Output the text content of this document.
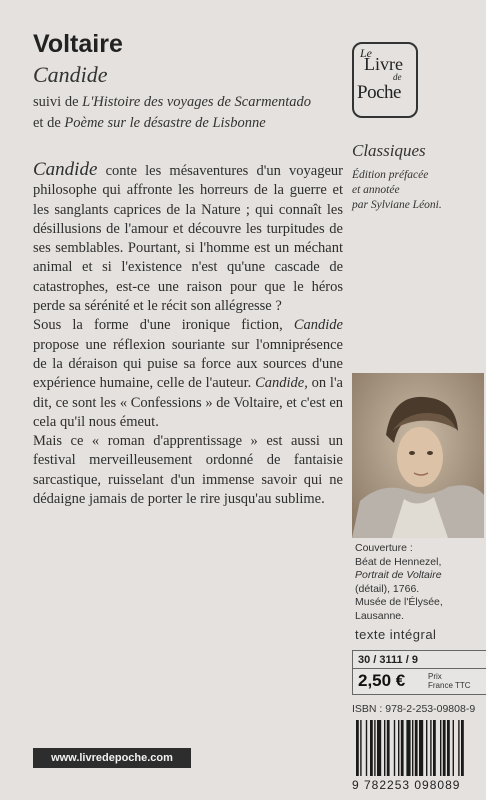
Voltaire
Candide
suivi de L'Histoire des voyages de Scarmentado
et de Poème sur le désastre de Lisbonne
Le
Livre
de
Poche
Classiques
Édition préfacée
et annotée
par Sylviane Léoni.

Candide conte les mésaventures d'un voyageur philosophe qui affronte les horreurs de la guerre et les sanglants caprices de la Nature ; qui connaît les désillusions de l'amour et découvre les turpitudes de ses semblables. Pourtant, si l'homme est un méchant animal et si l'existence n'est qu'une cascade de catastrophes, est-ce une raison pour que le héros perde sa sérénité et le récit son allégresse ?

Sous la forme d'une ironique fiction, Candide propose une réflexion souriante sur l'omniprésence de la déraison qui puise sa force aux sources d'une expérience humaine, celle de l'auteur. Candide, on l'a dit, ce sont les « Confessions » de Voltaire, et c'est en cela qu'il nous émeut.

Mais ce « roman d'apprentissage » est aussi un festival merveilleusement ordonné de fantaisie sarcastique, ruisselant d'un immense savoir qui ne dédaigne jamais de porter le rire jusqu'au sublime.

Couverture :
Béat de Hennezel,
Portrait de Voltaire
(détail), 1766.
Musée de l'Élysée,
Lausanne.
texte intégral
30 / 3111 / 9
2,50 €	Prix
France TTC
ISBN : 978-2-253-09808-9
9 782253 098089
www.livredepoche.com
